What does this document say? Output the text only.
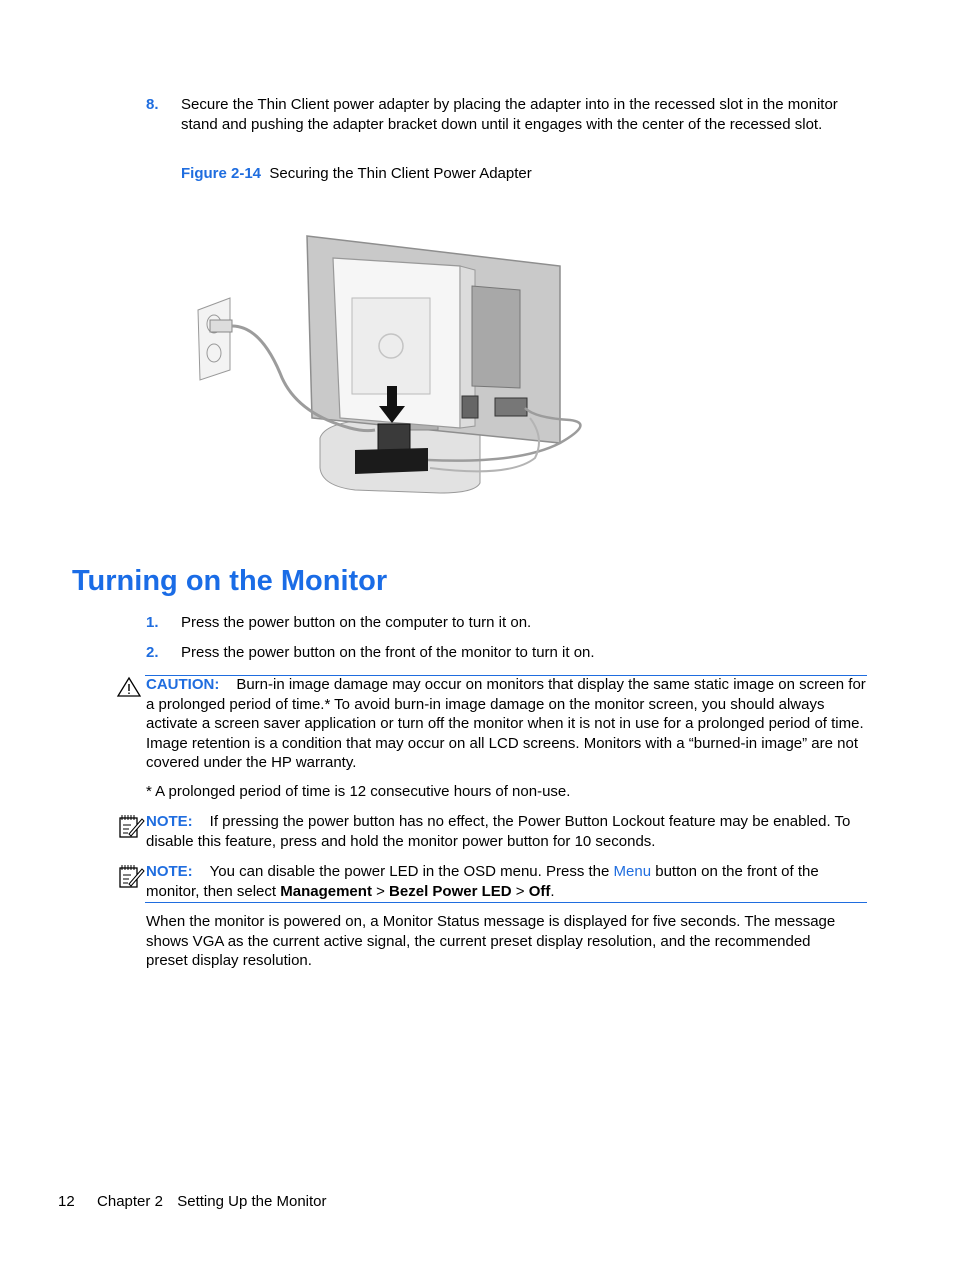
8. Secure the Thin Client power adapter by placing the adapter into in the recessed slot in the monitor stand and pushing the adapter bracket down until it engages with the center of the recessed slot.
Figure 2-14 Securing the Thin Client Power Adapter
Turning on the Monitor
1. Press the power button on the computer to turn it on.
2. Press the power button on the front of the monitor to turn it on.
CAUTION: Burn-in image damage may occur on monitors that display the same static image on screen for a prolonged period of time.* To avoid burn-in image damage on the monitor screen, you should always activate a screen saver application or turn off the monitor when it is not in use for a prolonged period of time. Image retention is a condition that may occur on all LCD screens. Monitors with a “burned-in image” are not covered under the HP warranty.
* A prolonged period of time is 12 consecutive hours of non-use.
NOTE: If pressing the power button has no effect, the Power Button Lockout feature may be enabled. To disable this feature, press and hold the monitor power button for 10 seconds.
NOTE: You can disable the power LED in the OSD menu. Press the Menu button on the front of the monitor, then select Management > Bezel Power LED > Off.
When the monitor is powered on, a Monitor Status message is displayed for five seconds. The message shows VGA as the current active signal, the current preset display resolution, and the recommended preset display resolution.
12 Chapter 2 Setting Up the Monitor
